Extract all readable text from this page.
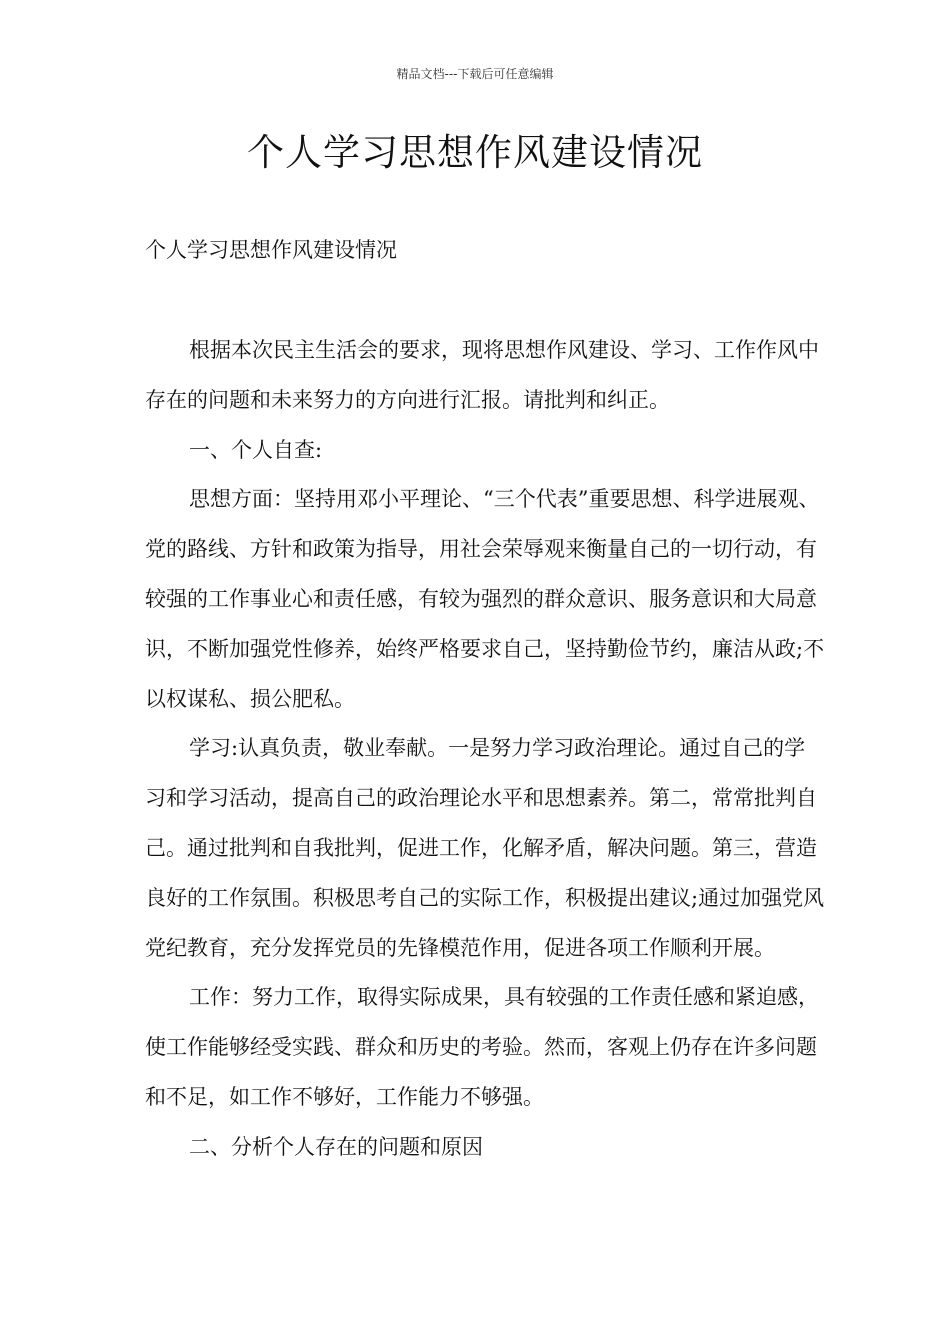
精品文档---下载后可任意编辑
个人学习思想作风建设情况
个人学习思想作风建设情况

根据本次民主生活会的要求，现将思想作风建设、学习、工作作风中存在的问题和未来努力的方向进行汇报。请批判和纠正。

一、个人自查:

思想方面：坚持用邓小平理论、“三个代表”重要思想、科学进展观、党的路线、方针和政策为指导，用社会荣辱观来衡量自己的一切行动，有较强的工作事业心和责任感，有较为强烈的群众意识、服务意识和大局意识，不断加强党性修养，始终严格要求自己，坚持勤俭节约，廉洁从政;不以权谋私、损公肥私。

学习:认真负责，敬业奉献。一是努力学习政治理论。通过自己的学习和学习活动，提高自己的政治理论水平和思想素养。第二，常常批判自己。通过批判和自我批判，促进工作，化解矛盾，解决问题。第三，营造良好的工作氛围。积极思考自己的实际工作，积极提出建议;通过加强党风党纪教育，充分发挥党员的先锋模范作用，促进各项工作顺利开展。

工作：努力工作，取得实际成果，具有较强的工作责任感和紧迫感，使工作能够经受实践、群众和历史的考验。然而，客观上仍存在许多问题和不足，如工作不够好，工作能力不够强。

二、分析个人存在的问题和原因
